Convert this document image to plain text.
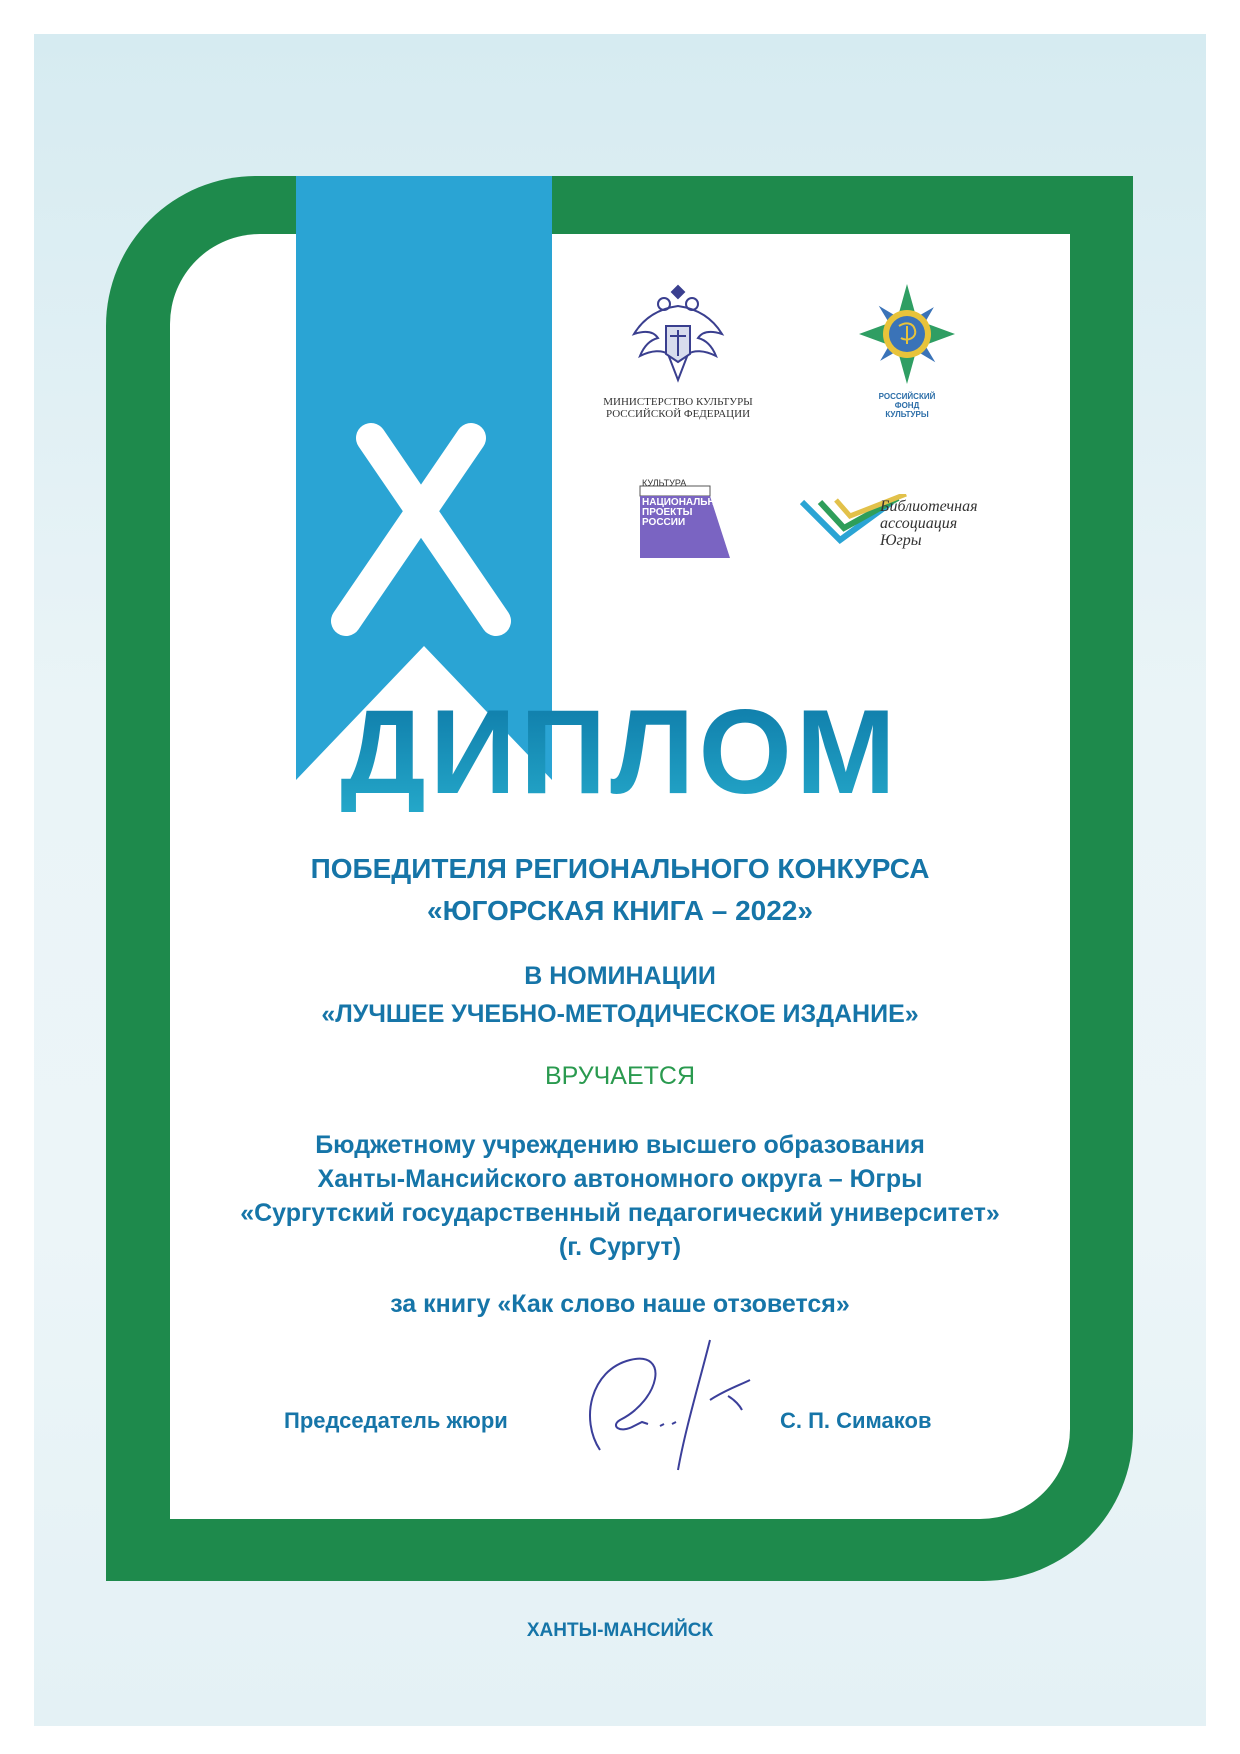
МИНИСТЕРСТВО КУЛЬТУРЫ
РОССИЙСКОЙ ФЕДЕРАЦИИ
РОССИЙСКИЙ
ФОНД
КУЛЬТУРЫ
КУЛЬТУРА
НАЦИОНАЛЬНЫЕ
ПРОЕКТЫ
РОССИИ
Библиотечная
ассоциация
Югры
ДИПЛОМ
ПОБЕДИТЕЛЯ РЕГИОНАЛЬНОГО КОНКУРСА
«ЮГОРСКАЯ КНИГА – 2022»
В НОМИНАЦИИ
«ЛУЧШЕЕ УЧЕБНО-МЕТОДИЧЕСКОЕ ИЗДАНИЕ»
ВРУЧАЕТСЯ
Бюджетному учреждению высшего образования
Ханты-Мансийского автономного округа – Югры
«Сургутский государственный педагогический университет»
(г. Сургут)
за книгу «Как слово наше отзовется»
Председатель жюри	С. П. Симаков
ХАНТЫ-МАНСИЙСК
